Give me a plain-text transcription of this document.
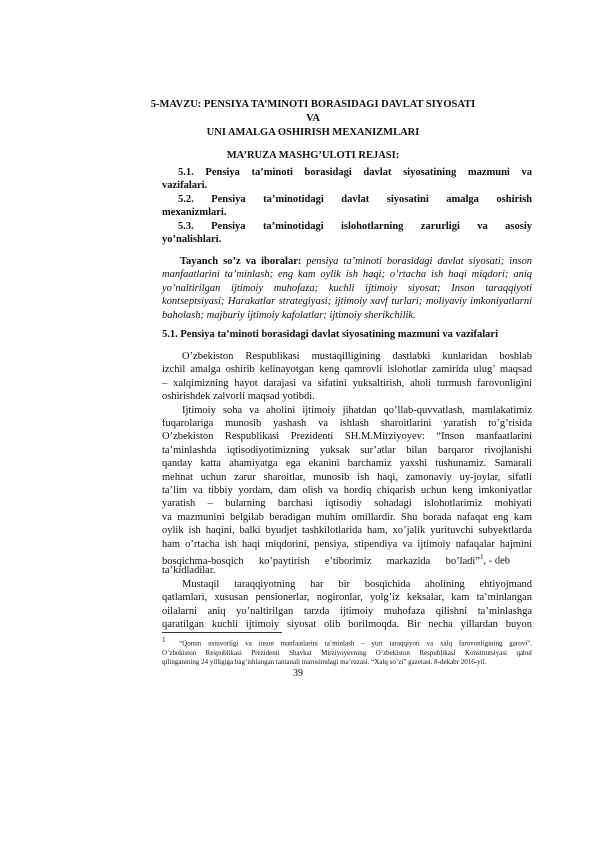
5-MAVZU: PENSIYA TA’MINOTI BORASIDAGI DAVLAT SIYOSATI VA
UNI AMALGA OSHIRISH MEXANIZMLARI
MA’RUZA MASHG’ULOTI REJASI:
5.1. Pensiya ta’minoti borasidagi davlat siyosatining mazmuni va
vazifalari.
5.2. Pensiya ta’minotidagi davlat siyosatini amalga oshirish
mexanizmlari.
5.3. Pensiya ta’minotidagi islohotlarning zarurligi va asosiy
yo’nalishlari.
Tayanch so’z va iboralar: pensiya ta’minoti borasidagi davlat siyosati; inson manfaatlarini ta’minlash; eng kam oylik ish haqi; o’rtacha ish haqi miqdori; aniq yo’naltirilgan ijtimoiy muhofaza; kuchli ijtimoiy siyosat; Inson taraqqiyoti kontseptsiyasi; Harakatlar strategiyasi; ijtimoiy xavf turlari; moliyaviy imkoniyatlarni baholash; majburiy ijtimoiy kafolatlar; ijtimoiy sherikchilik.
5.1. Pensiya ta’minoti borasidagi davlat siyosatining mazmuni va vazifalari
O’zbekiston Respublikasi mustaqilligining dastlabki kunlaridan boshlab
izchil amalga oshirib kelinayotgan keng qamrovli islohotlar zamirida ulug’ maqsad
– xalqimizning hayot darajasi va sifatini yuksaltirish, aholi turmush farovonligini
oshirishdek zalvorli maqsad yotibdi.
Ijtimoiy soha va aholini ijtimoiy jihatdan qo’llab-quvvatlash, mamlakatimiz
fuqarolariga munosib yashash va ishlash sharoitlarini yaratish to’g’risida
O’zbekiston Respublikasi Prezidenti SH.M.Mirziyoyev: “Inson manfaatlarini
ta’minlashda iqtisodiyotimizning yuksak sur’atlar bilan barqaror rivojlanishi
qanday katta ahamiyatga ega ekanini barchamiz yaxshi tushunamiz. Samarali
mehnat uchun zarur sharoitlar, munosib ish haqi, zamonaviy uy-joylar, sifatli
ta’lim va tibbiy yordam, dam olish va hordiq chiqarish uchun keng imkoniyatlar
yaratish – bularning barchasi iqtisodiy sohadagi islohotlarimiz mohiyati
va mazmunini belgilab beradigan muhim omillardir. Shu borada nafaqat eng kam
oylik ish haqini, balki byudjet tashkilotlarida ham, xo’jalik yurituvchi subyektlarda
ham o’rtacha ish haqi miqdorini, pensiya, stipendiya va ijtimoiy nafaqalar hajmini
bosqichma-bosqich ko’paytirish e’tiborimiz markazida bo’ladi”$^1$, - deb
ta’kidladilar.
Mustaqil taraqqiyotning har bir bosqichida aholining ehtiyojmand
qatlamlari, xususan pensionerlar, nogironlar, yolg’iz keksalar, kam ta’minlangan
oilalarni aniq yo’naltirilgan tarzda ijtimoiy muhofaza qilishni ta’minlashga
qaratilgan kuchli ijtimoiy siyosat olib borilmoqda. Bir necha yillardan buyon
$^1$ “Qonun ustuvorligi va inson manfaatlarini ta’minlash – yurt taraqqiyoti va xalq farovonligining garovi”.
O’zbekiston Respublikasi Prezidenti Shavkat Mirziyoyevning O’zbekiston Respublikasi Konstitutsiyasi qabul
qilinganining 24 yilligiga bag’ishlangan tantanali marosimdagi ma’ruzasi. “Xalq so’zi” gazetasi. 8-dekabr 2016-yil.
39
